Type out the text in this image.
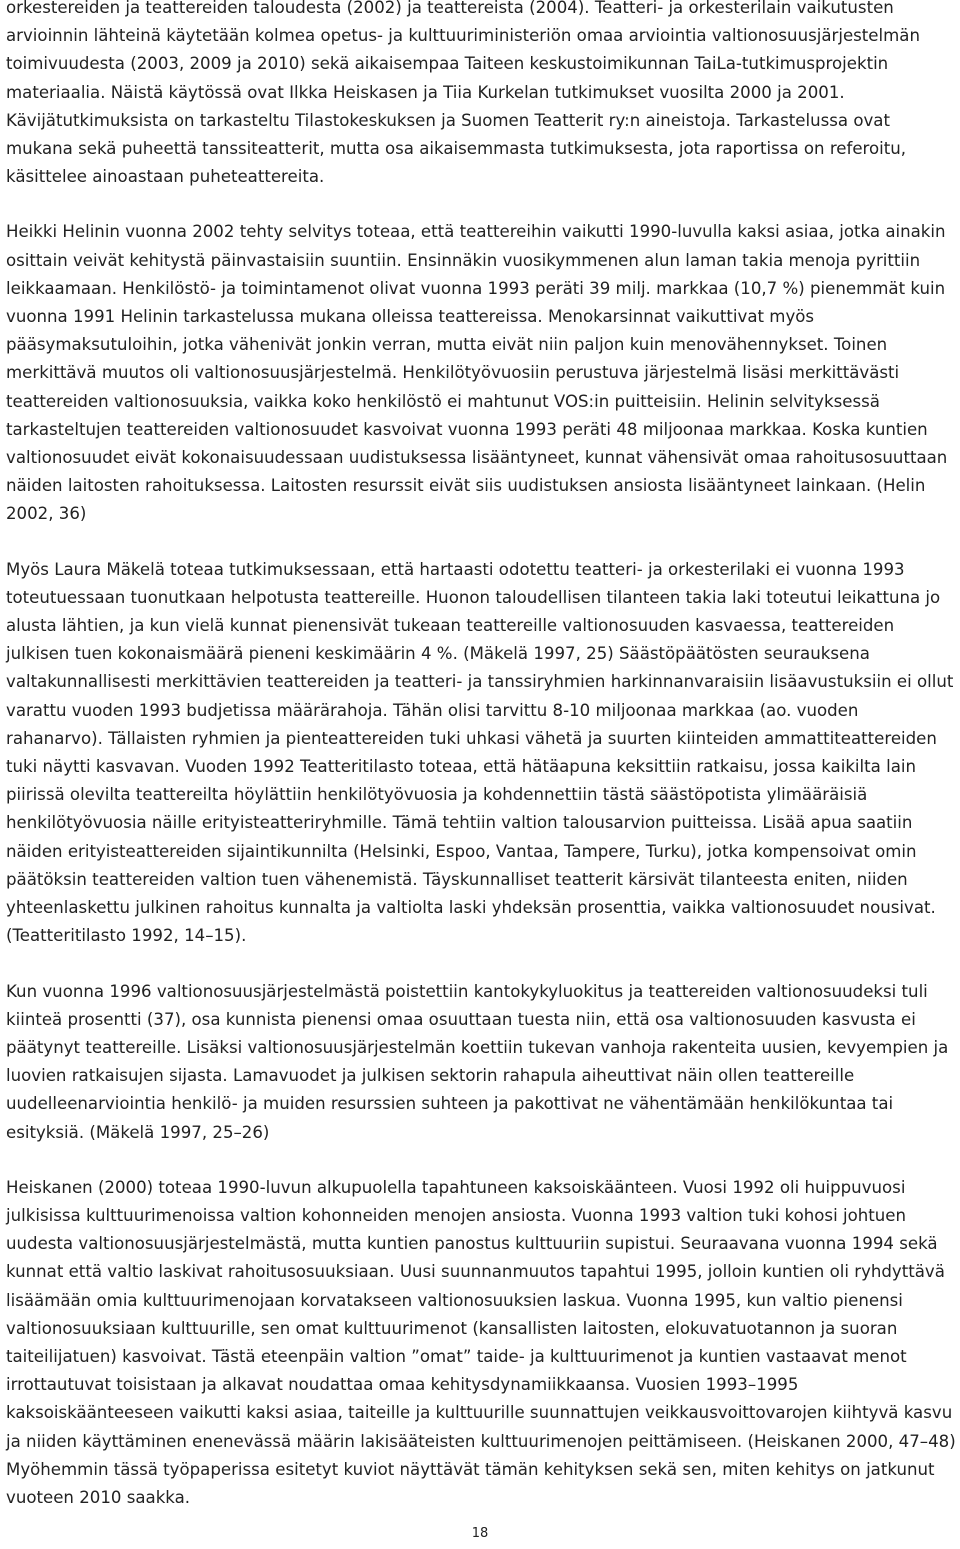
orkestereiden ja teattereiden taloudesta (2002) ja teattereista (2004). Teatteri- ja orkesterilain vaikutusten arvioinnin lähteinä käytetään kolmea opetus- ja kulttuuriministeriön omaa arviointia valtionosuusjärjestelmän toimivuudesta (2003, 2009 ja 2010) sekä aikaisempaa Taiteen keskustoimikunnan TaiLa-tutkimusprojektin materiaalia. Näistä käytössä ovat Ilkka Heiskasen ja Tiia Kurkelan tutkimukset vuosilta 2000 ja 2001. Kävijätutkimuksista on tarkasteltu Tilastokeskuksen ja Suomen Teatterit ry:n aineistoja. Tarkastelussa ovat mukana sekä puheettä tanssiteatterit, mutta osa aikaisemmasta tutkimuksesta, jota raportissa on referoitu, käsittelee ainoastaan puheteattereita.

Heikki Helinin vuonna 2002 tehty selvitys toteaa, että teattereihin vaikutti 1990-luvulla kaksi asiaa, jotka ainakin osittain veivät kehitystä päinvastaisiin suuntiin. Ensinnäkin vuosikymmenen alun laman takia menoja pyrittiin leikkaamaan. Henkilöstö- ja toimintamenot olivat vuonna 1993 peräti 39 milj. markkaa (10,7 %) pienemmät kuin vuonna 1991 Helinin tarkastelussa mukana olleissa teattereissa. Menokarsinnat vaikuttivat myös pääsymaksutuloihin, jotka vähenivät jonkin verran, mutta eivät niin paljon kuin menovähennykset. Toinen merkittävä muutos oli valtionosuusjärjestelmä. Henkilötyövuosiin perustuva järjestelmä lisäsi merkittävästi teattereiden valtionosuuksia, vaikka koko henkilöstö ei mahtunut VOS:in puitteisiin. Helinin selvityksessä tarkasteltujen teattereiden valtionosuudet kasvoivat vuonna 1993 peräti 48 miljoonaa markkaa. Koska kuntien valtionosuudet eivät kokonaisuudessaan uudistuksessa lisääntyneet, kunnat vähensivät omaa rahoitusosuuttaan näiden laitosten rahoituksessa. Laitosten resurssit eivät siis uudistuksen ansiosta lisääntyneet lainkaan. (Helin 2002, 36)

Myös Laura Mäkelä toteaa tutkimuksessaan, että hartaasti odotettu teatteri- ja orkesterilaki ei vuonna 1993 toteutuessaan tuonutkaan helpotusta teattereille. Huonon taloudellisen tilanteen takia laki toteutui leikattuna jo alusta lähtien, ja kun vielä kunnat pienensivät tukeaan teattereille valtionosuuden kasvaessa, teattereiden julkisen tuen kokonaismäärä pieneni keskimäärin 4 %. (Mäkelä 1997, 25) Säästöpäätösten seurauksena valtakunnallisesti merkittävien teattereiden ja teatteri- ja tanssiryhmien harkinnanvaraisiin lisäavustuksiin ei ollut varattu vuoden 1993 budjetissa määrärahoja. Tähän olisi tarvittu 8-10 miljoonaa markkaa (ao. vuoden rahanarvo). Tällaisten ryhmien ja pienteattereiden tuki uhkasi vähetä ja suurten kiinteiden ammattiteattereiden tuki näytti kasvavan. Vuoden 1992 Teatteritilasto toteaa, että hätäapuna keksittiin ratkaisu, jossa kaikilta lain piirissä olevilta teattereilta höylättiin henkilötyövuosia ja kohdennettiin tästä säästöpotista ylimääräisiä henkilötyövuosia näille erityisteatteriryhmille. Tämä tehtiin valtion talousarvion puitteissa. Lisää apua saatiin näiden erityisteattereiden sijaintikunnilta (Helsinki, Espoo, Vantaa, Tampere, Turku), jotka kompensoivat omin päätöksin teattereiden valtion tuen vähenemistä. Täyskunnalliset teatterit kärsivät tilanteesta eniten, niiden yhteenlaskettu julkinen rahoitus kunnalta ja valtiolta laski yhdeksän prosenttia, vaikka valtionosuudet nousivat. (Teatteritilasto 1992, 14–15).

Kun vuonna 1996 valtionosuusjärjestelmästä poistettiin kantokykyluokitus ja teattereiden valtionosuudeksi tuli kiinteä prosentti (37), osa kunnista pienensi omaa osuuttaan tuesta niin, että osa valtionosuuden kasvusta ei päätynyt teattereille. Lisäksi valtionosuusjärjestelmän koettiin tukevan vanhoja rakenteita uusien, kevyempien ja luovien ratkaisujen sijasta. Lamavuodet ja julkisen sektorin rahapula aiheuttivat näin ollen teattereille uudelleenarviointia henkilö- ja muiden resurssien suhteen ja pakottivat ne vähentämään henkilökuntaa tai esityksiä. (Mäkelä 1997, 25–26)

Heiskanen (2000) toteaa 1990-luvun alkupuolella tapahtuneen kaksoiskäänteen. Vuosi 1992 oli huippuvuosi julkisissa kulttuurimenoissa valtion kohonneiden menojen ansiosta. Vuonna 1993 valtion tuki kohosi johtuen uudesta valtionosuusjärjestelmästä, mutta kuntien panostus kulttuuriin supistui. Seuraavana vuonna 1994 sekä kunnat että valtio laskivat rahoitusosuuksiaan. Uusi suunnanmuutos tapahtui 1995, jolloin kuntien oli ryhdyttävä lisäämään omia kulttuurimenojaan korvatakseen valtionosuuksien laskua. Vuonna 1995, kun valtio pienensi valtionosuuksiaan kulttuurille, sen omat kulttuurimenot (kansallisten laitosten, elokuvatuotannon ja suoran taiteilijatuen) kasvoivat. Tästä eteenpäin valtion ”omat” taide- ja kulttuurimenot ja kuntien vastaavat menot irrottautuvat toisistaan ja alkavat noudattaa omaa kehitysdynamiikkaansa. Vuosien 1993–1995 kaksoiskäänteeseen vaikutti kaksi asiaa, taiteille ja kulttuurille suunnattujen veikkausvoittovarojen kiihtyvä kasvu ja niiden käyttäminen enenevässä määrin lakisääteisten kulttuurimenojen peittämiseen. (Heiskanen 2000, 47–48) Myöhemmin tässä työpaperissa esitetyt kuviot näyttävät tämän kehityksen sekä sen, miten kehitys on jatkunut vuoteen 2010 saakka.

18
